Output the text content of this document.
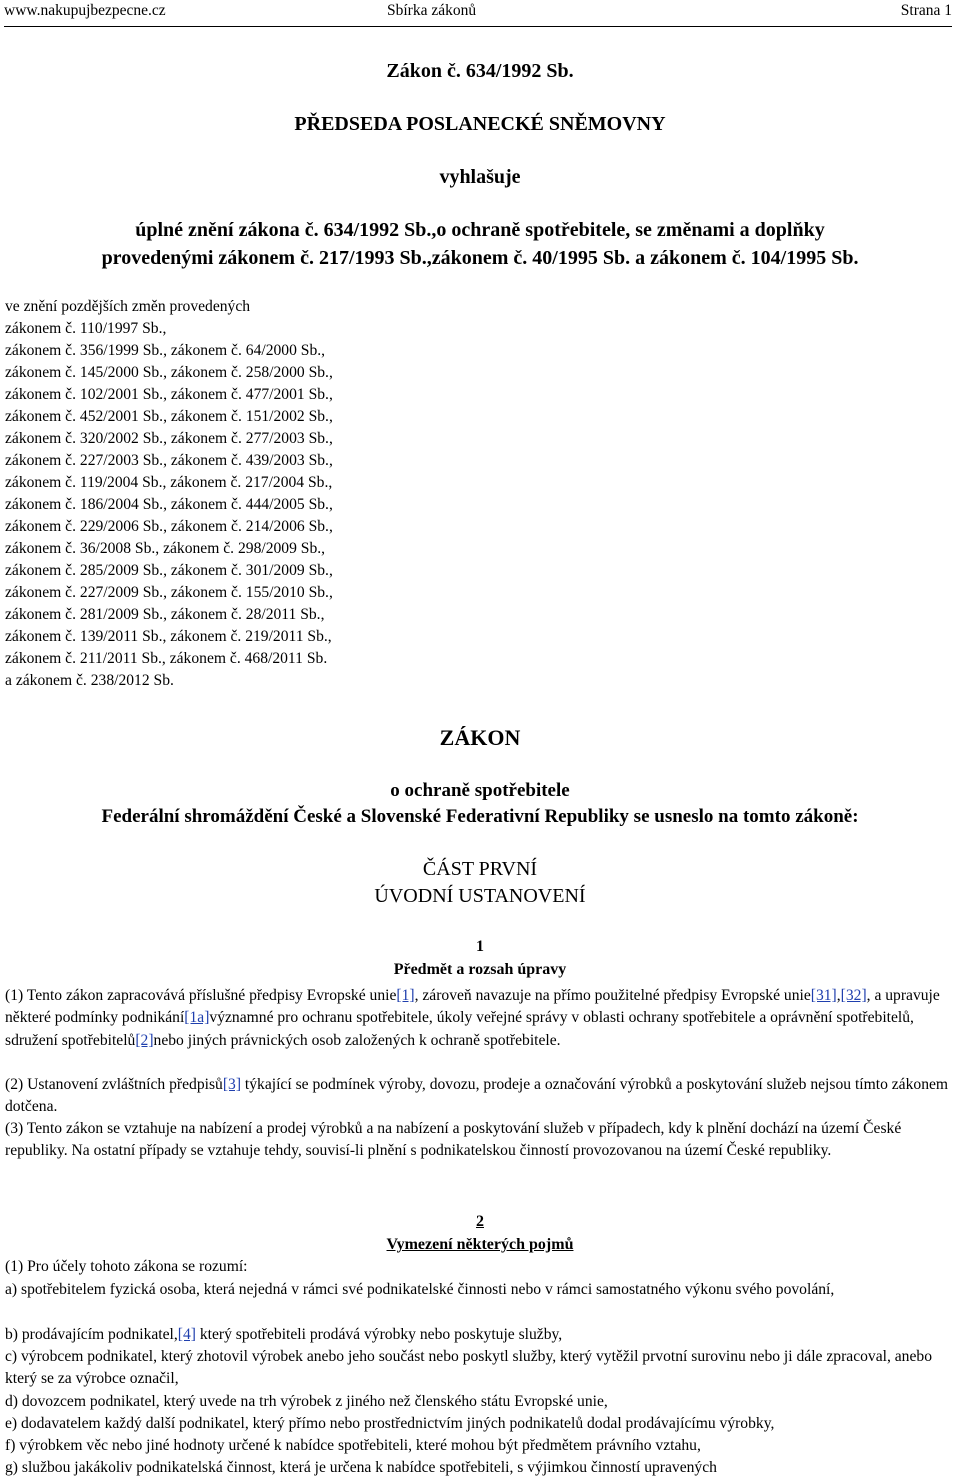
www.nakupujbezpecne.cz	Sbírka zákonů	Strana 1
Zákon č. 634/1992 Sb.
PŘEDSEDA POSLANECKÉ SNĚMOVNY
vyhlašuje
úplné znění zákona č. 634/1992 Sb.,o ochraně spotřebitele, se změnami a doplňky
provedenými zákonem č. 217/1993 Sb.,zákonem č. 40/1995 Sb. a zákonem č. 104/1995 Sb.
ve znění pozdějších změn provedených
zákonem č. 110/1997 Sb.,
zákonem č. 356/1999 Sb., zákonem č. 64/2000 Sb.,
zákonem č. 145/2000 Sb., zákonem č. 258/2000 Sb.,
zákonem č. 102/2001 Sb., zákonem č. 477/2001 Sb.,
zákonem č. 452/2001 Sb., zákonem č. 151/2002 Sb.,
zákonem č. 320/2002 Sb., zákonem č. 277/2003 Sb.,
zákonem č. 227/2003 Sb., zákonem č. 439/2003 Sb.,
zákonem č. 119/2004 Sb., zákonem č. 217/2004 Sb.,
zákonem č. 186/2004 Sb., zákonem č. 444/2005 Sb.,
zákonem č. 229/2006 Sb., zákonem č. 214/2006 Sb.,
zákonem č. 36/2008 Sb., zákonem č. 298/2009 Sb.,
zákonem č. 285/2009 Sb., zákonem č. 301/2009 Sb.,
zákonem č. 227/2009 Sb., zákonem č. 155/2010 Sb.,
zákonem č. 281/2009 Sb., zákonem č. 28/2011 Sb.,
zákonem č. 139/2011 Sb., zákonem č. 219/2011 Sb.,
zákonem č. 211/2011 Sb., zákonem č. 468/2011 Sb.
a zákonem č. 238/2012 Sb.
ZÁKON
o ochraně spotřebitele
Federální shromáždění České a Slovenské Federativní Republiky se usneslo na tomto zákoně:
ČÁST PRVNÍ
ÚVODNÍ USTANOVENÍ
1
Předmět a rozsah úpravy
(1) Tento zákon zapracovává příslušné předpisy Evropské unie[1], zároveň navazuje na přímo použitelné předpisy Evropské unie[31],[32], a upravuje některé podmínky podnikání[1a]významné pro ochranu spotřebitele, úkoly veřejné správy v oblasti ochrany spotřebitele a oprávnění spotřebitelů, sdružení spotřebitelů[2]nebo jiných právnických osob založených k ochraně spotřebitele.
(2) Ustanovení zvláštních předpisů[3] týkající se podmínek výroby, dovozu, prodeje a označování výrobků a poskytování služeb nejsou tímto zákonem dotčena.
(3) Tento zákon se vztahuje na nabízení a prodej výrobků a na nabízení a poskytování služeb v případech, kdy k plnění dochází na území České republiky. Na ostatní případy se vztahuje tehdy, souvisí-li plnění s podnikatelskou činností provozovanou na území České republiky.
2
Vymezení některých pojmů
(1) Pro účely tohoto zákona se rozumí:
a) spotřebitelem fyzická osoba, která nejedná v rámci své podnikatelské činnosti nebo v rámci samostatného výkonu svého povolání,
b) prodávajícím podnikatel,[4] který spotřebiteli prodává výrobky nebo poskytuje služby,
c) výrobcem podnikatel, který zhotovil výrobek anebo jeho součást nebo poskytl služby, který vytěžil prvotní surovinu nebo ji dále zpracoval, anebo který se za výrobce označil,
d) dovozcem podnikatel, který uvede na trh výrobek z jiného než členského státu Evropské unie,
e) dodavatelem každý další podnikatel, který přímo nebo prostřednictvím jiných podnikatelů dodal prodávajícímu výrobky,
f) výrobkem věc nebo jiné hodnoty určené k nabídce spotřebiteli, které mohou být předmětem právního vztahu,
g) službou jakákoliv podnikatelská činnost, která je určena k nabídce spotřebiteli, s výjimkou činností upravených
